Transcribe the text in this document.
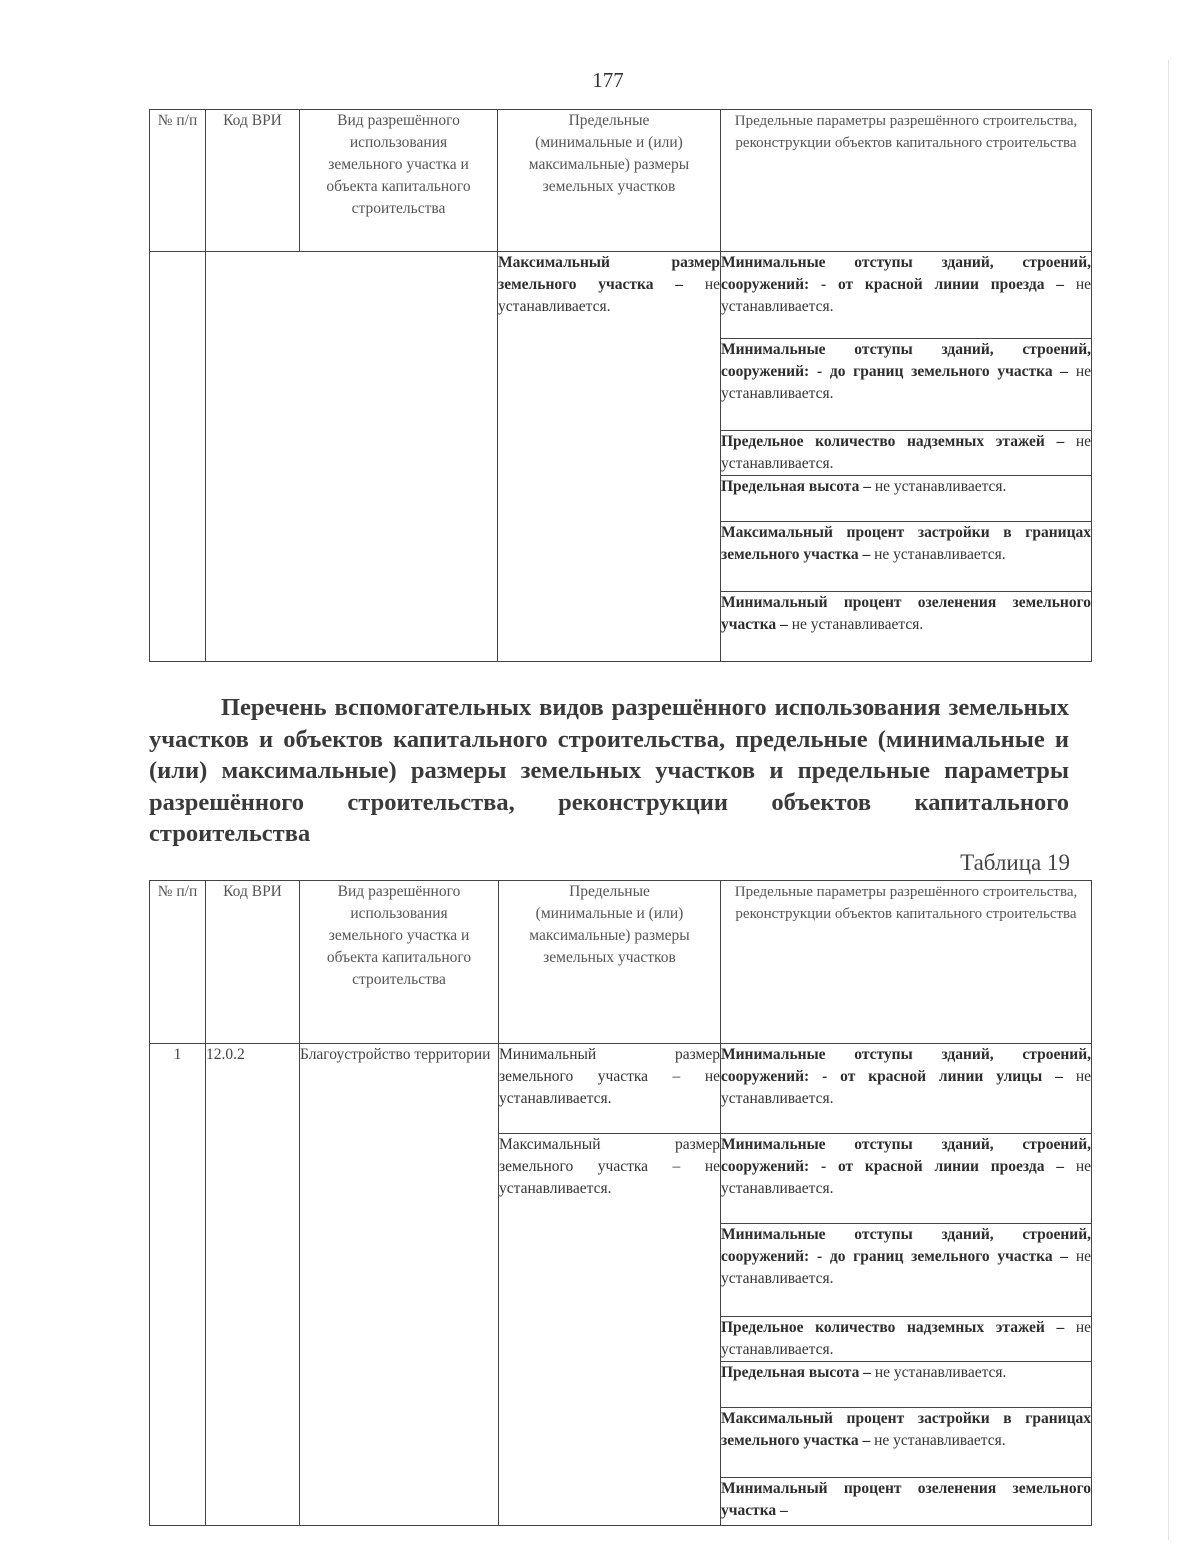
177
№ п/п	Код ВРИ	Вид разрешённого использования земельного участка и объекта капитального строительства	Предельные (минимальные и (или) максимальные) размеры земельных участков	Предельные параметры разрешённого строительства, реконструкции объектов капитального строительства

			Максимальный размер земельного участка – не устанавливается.	Минимальные отступы зданий, строений, сооружений: - от красной линии проезда – не устанавливается.
				Минимальные отступы зданий, строений, сооружений: - до границ земельного участка – не устанавливается.
				Предельное количество надземных этажей – не устанавливается.
				Предельная высота – не устанавливается.
				Максимальный процент застройки в границах земельного участка – не устанавливается.
				Минимальный процент озеленения земельного участка – не устанавливается.
Перечень вспомогательных видов разрешённого использования земельных участков и объектов капитального строительства, предельные (минимальные и (или) максимальные) размеры земельных участков и предельные параметры разрешённого строительства, реконструкции объектов капитального строительства
Таблица 19
№ п/п	Код ВРИ	Вид разрешённого использования земельного участка и объекта капитального строительства	Предельные (минимальные и (или) максимальные) размеры земельных участков	Предельные параметры разрешённого строительства, реконструкции объектов капитального строительства

1	12.0.2	Благоустройство территории	Минимальный размер земельного участка – не устанавливается.	Минимальные отступы зданий, строений, сооружений: - от красной линии улицы – не устанавливается.
			Максимальный размер земельного участка – не устанавливается.	Минимальные отступы зданий, строений, сооружений: - от красной линии проезда – не устанавливается.
				Минимальные отступы зданий, строений, сооружений: - до границ земельного участка – не устанавливается.
				Предельное количество надземных этажей – не устанавливается.
				Предельная высота – не устанавливается.
				Максимальный процент застройки в границах земельного участка – не устанавливается.
				Минимальный процент озеленения земельного участка –
